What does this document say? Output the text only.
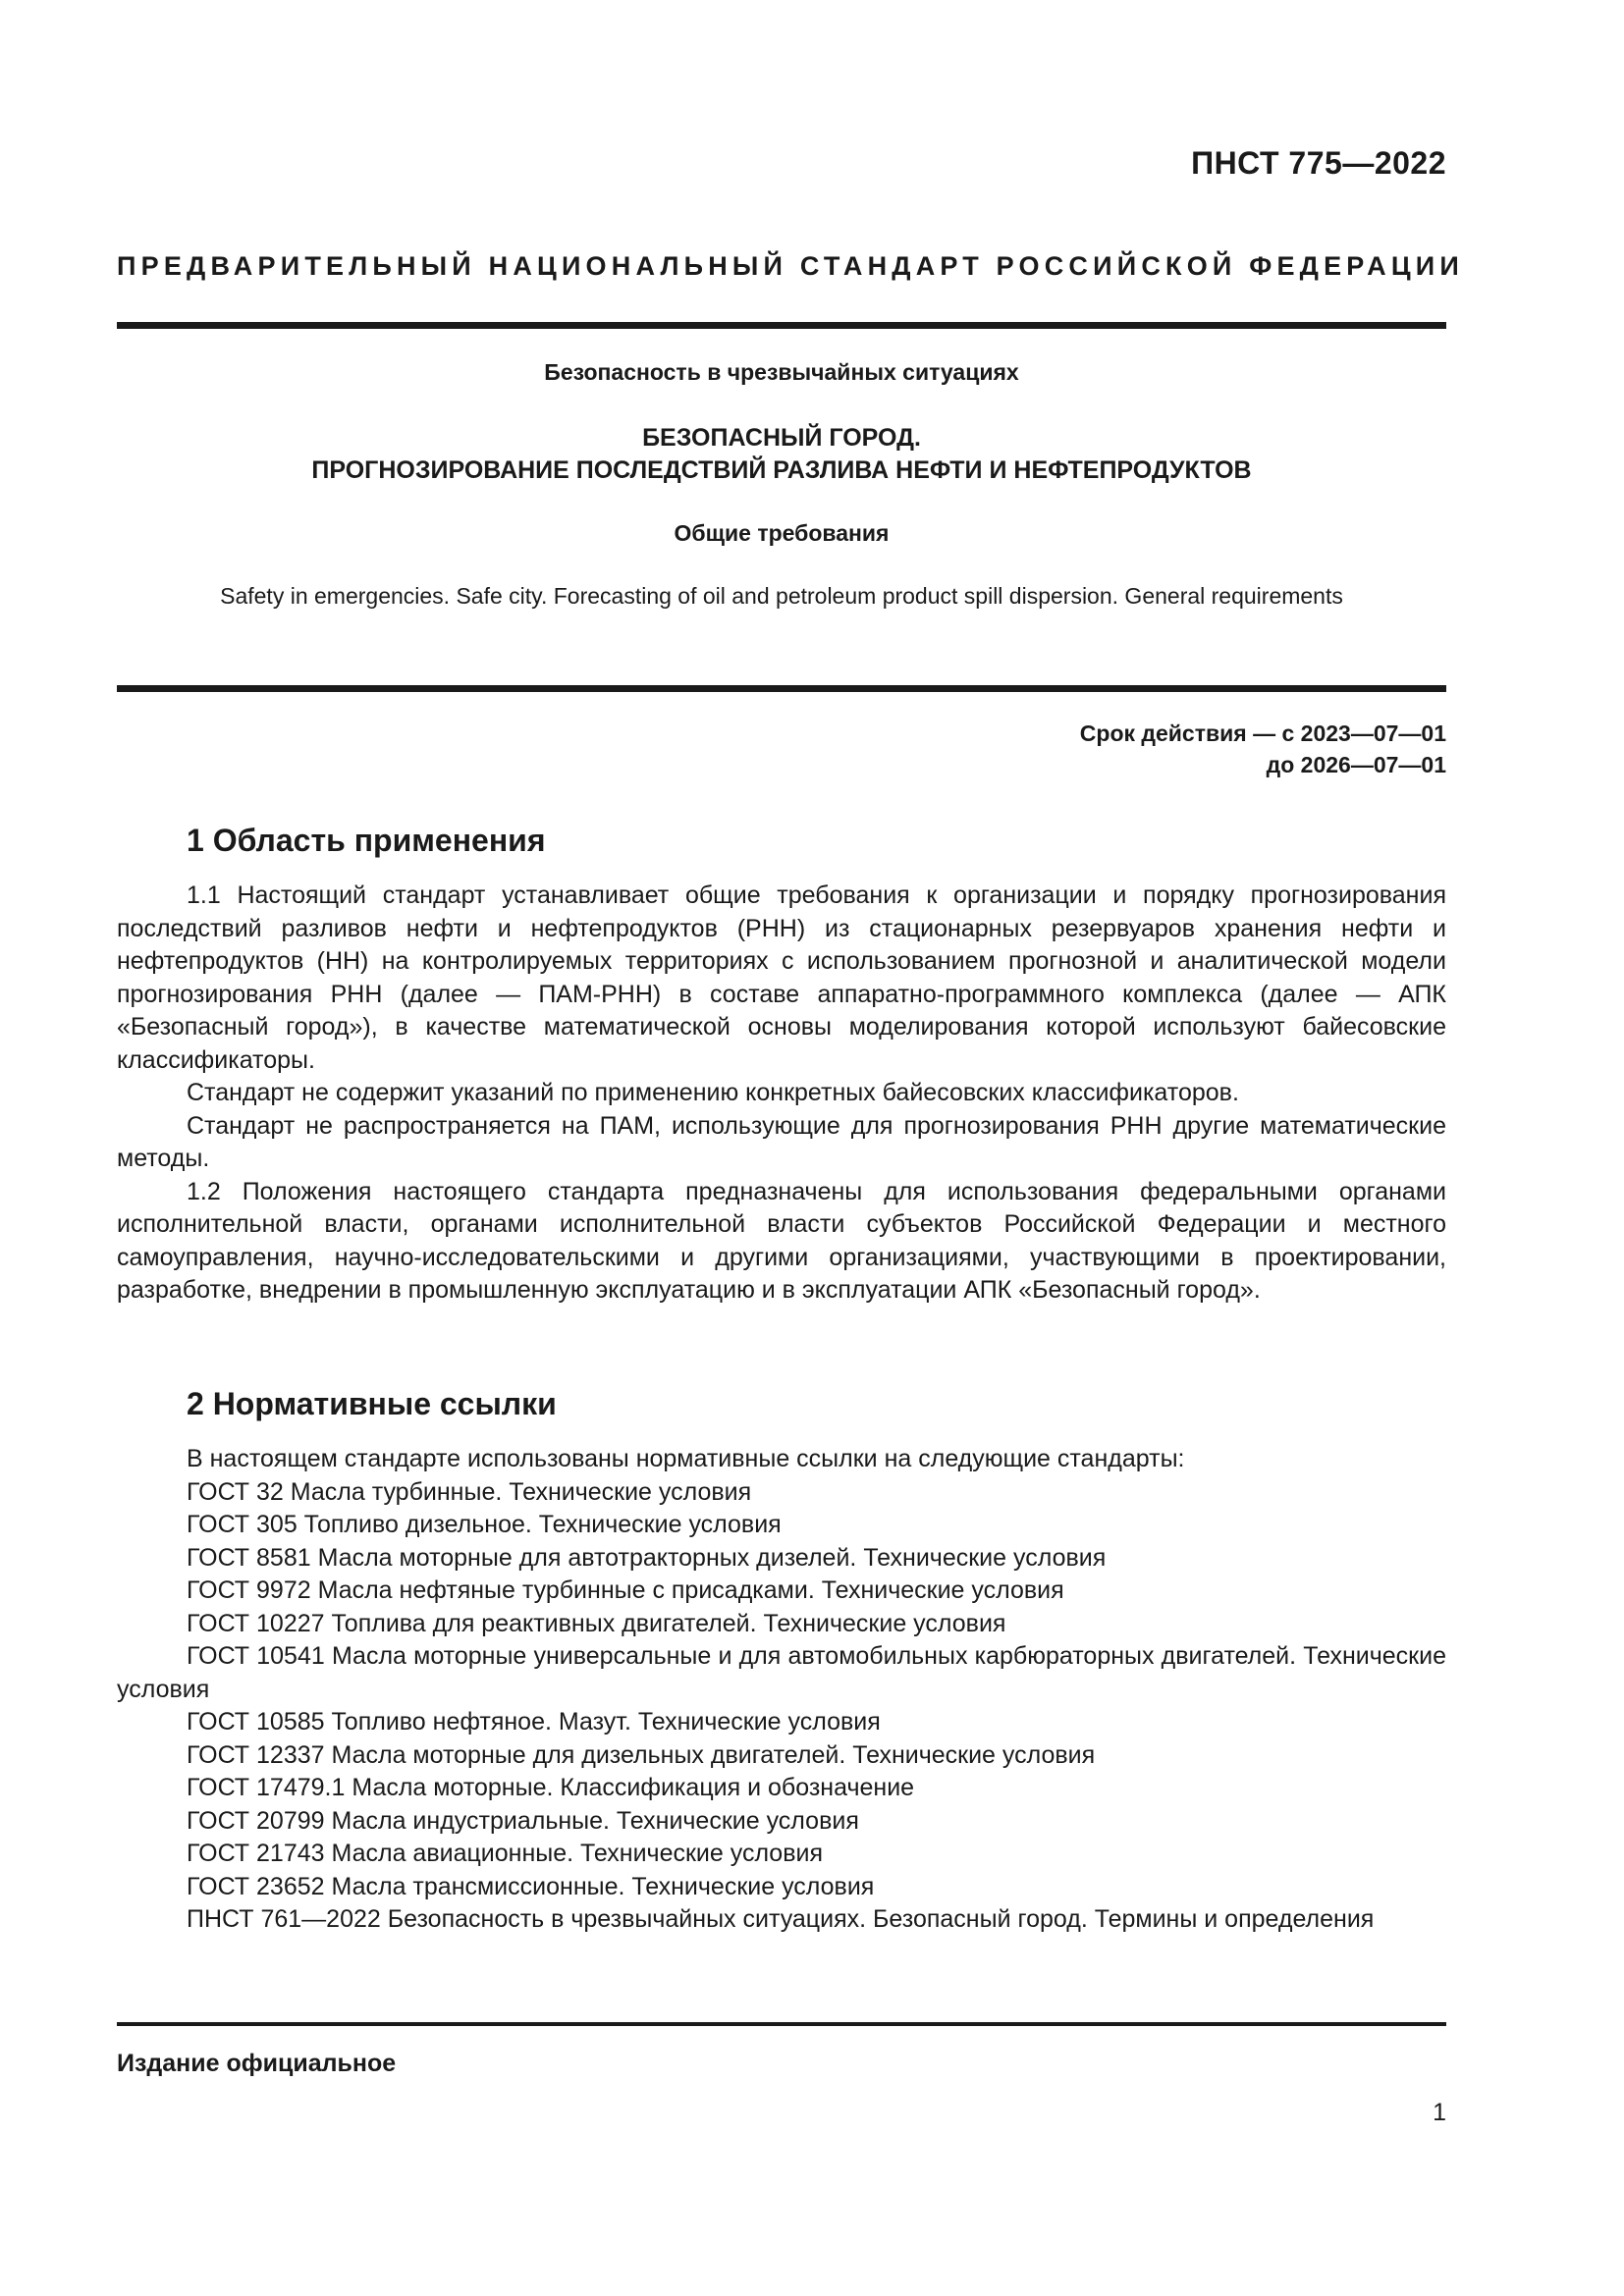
ПНСТ 775—2022
ПРЕДВАРИТЕЛЬНЫЙ НАЦИОНАЛЬНЫЙ СТАНДАРТ РОССИЙСКОЙ ФЕДЕРАЦИИ
Безопасность в чрезвычайных ситуациях
БЕЗОПАСНЫЙ ГОРОД.
ПРОГНОЗИРОВАНИЕ ПОСЛЕДСТВИЙ РАЗЛИВА НЕФТИ И НЕФТЕПРОДУКТОВ
Общие требования
Safety in emergencies. Safe city. Forecasting of oil and petroleum product spill dispersion. General requirements
Срок действия — с 2023—07—01
до 2026—07—01
1 Область применения

1.1 Настоящий стандарт устанавливает общие требования к организации и порядку прогнозирования последствий разливов нефти и нефтепродуктов (РНН) из стационарных резервуаров хранения нефти и нефтепродуктов (НН) на контролируемых территориях с использованием прогнозной и аналитической модели прогнозирования РНН (далее — ПАМ-РНН) в составе аппаратно-программного комплекса (далее — АПК «Безопасный город»), в качестве математической основы моделирования которой используют байесовские классификаторы.

Стандарт не содержит указаний по применению конкретных байесовских классификаторов.

Стандарт не распространяется на ПАМ, использующие для прогнозирования РНН другие математические методы.

1.2 Положения настоящего стандарта предназначены для использования федеральными органами исполнительной власти, органами исполнительной власти субъектов Российской Федерации и местного самоуправления, научно-исследовательскими и другими организациями, участвующими в проектировании, разработке, внедрении в промышленную эксплуатацию и в эксплуатации АПК «Безопасный город».

2 Нормативные ссылки

В настоящем стандарте использованы нормативные ссылки на следующие стандарты:

ГОСТ 32 Масла турбинные. Технические условия

ГОСТ 305 Топливо дизельное. Технические условия

ГОСТ 8581 Масла моторные для автотракторных дизелей. Технические условия

ГОСТ 9972 Масла нефтяные турбинные с присадками. Технические условия

ГОСТ 10227 Топлива для реактивных двигателей. Технические условия

ГОСТ 10541 Масла моторные универсальные и для автомобильных карбюраторных двигателей. Технические условия

ГОСТ 10585 Топливо нефтяное. Мазут. Технические условия

ГОСТ 12337 Масла моторные для дизельных двигателей. Технические условия

ГОСТ 17479.1 Масла моторные. Классификация и обозначение

ГОСТ 20799 Масла индустриальные. Технические условия

ГОСТ 21743 Масла авиационные. Технические условия

ГОСТ 23652 Масла трансмиссионные. Технические условия

ПНСТ 761—2022 Безопасность в чрезвычайных ситуациях. Безопасный город. Термины и определения

Издание официальное
1
